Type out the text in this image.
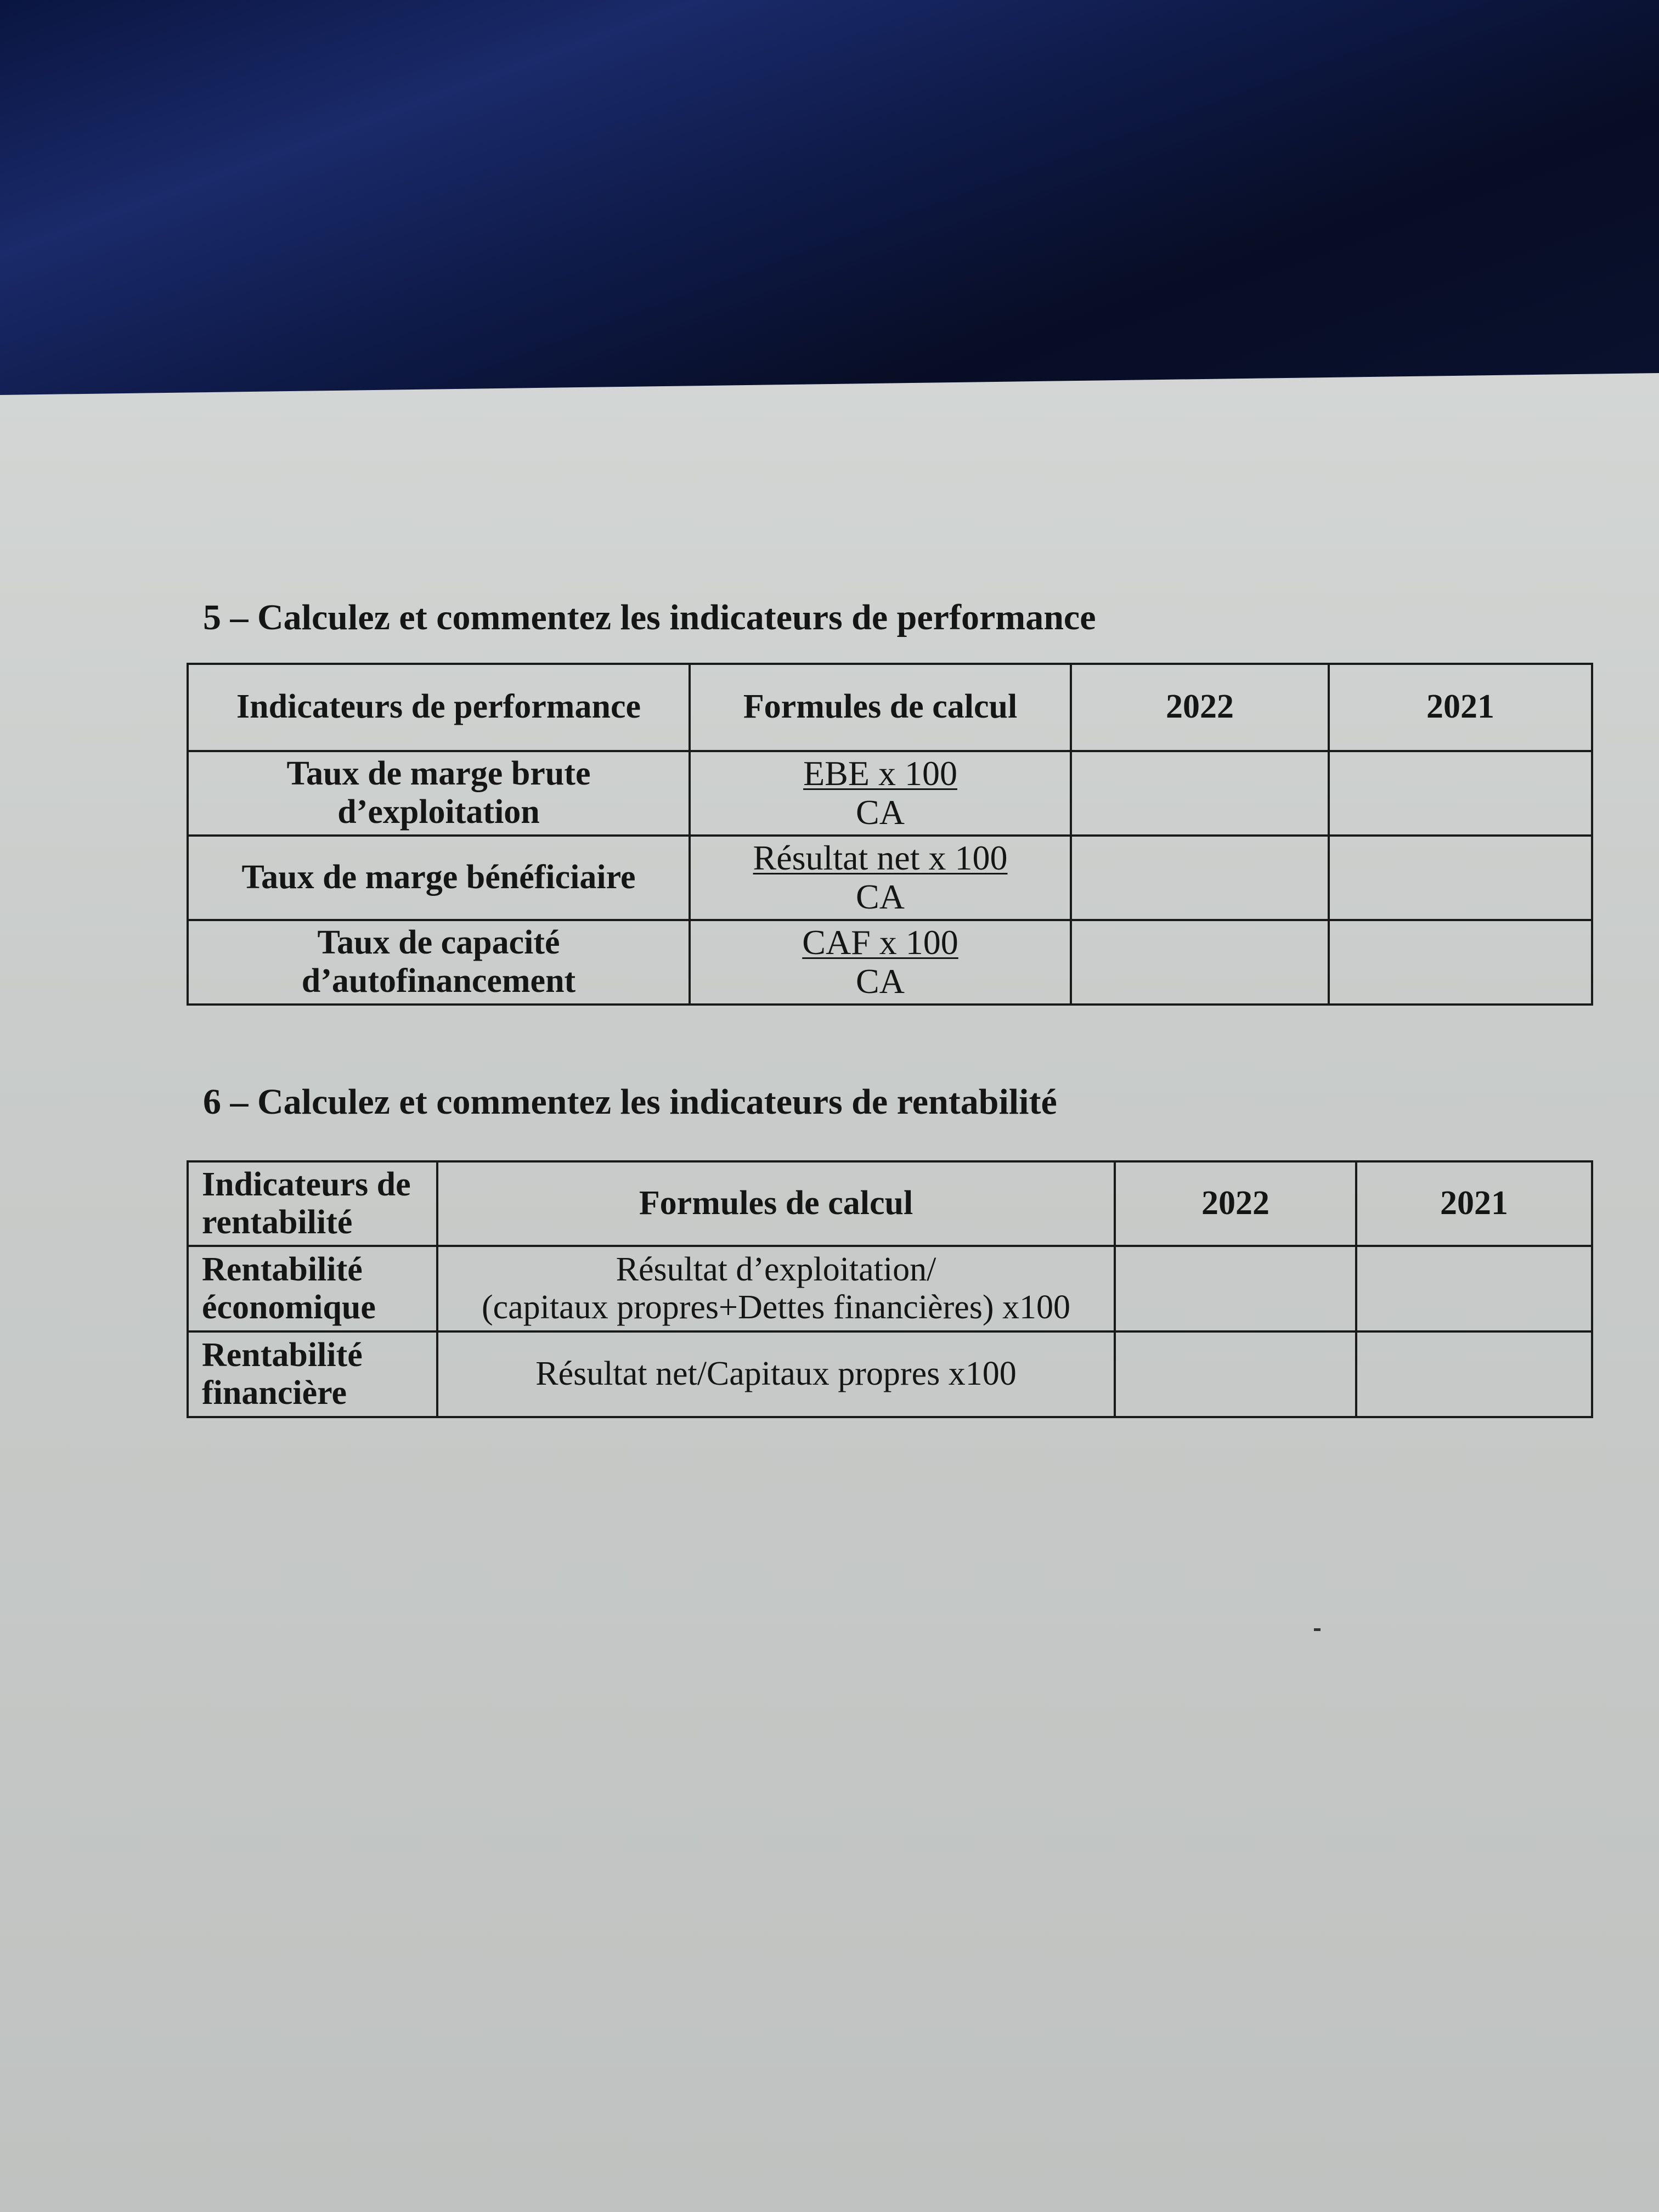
5 – Calculez et commentez les indicateurs de performance
Indicateurs de performance	Formules de calcul	2022	2021
Taux de marge brute d’exploitation	$\frac{\text{EBE x 100}}{CA}$

Taux de marge bénéficiaire	$\frac{\text{Résultat net x 100}}{CA}$

Taux de capacité d’autofinancement	$\frac{\text{CAF x 100}}{CA}$

6 – Calculez et commentez les indicateurs de rentabilité
Indicateurs de rentabilité	Formules de calcul	2022	2021
Rentabilité économique	Résultat d’exploitation/
(capitaux propres+Dettes financières) x100		

Rentabilité financière	Résultat net/Capitaux propres x100		
